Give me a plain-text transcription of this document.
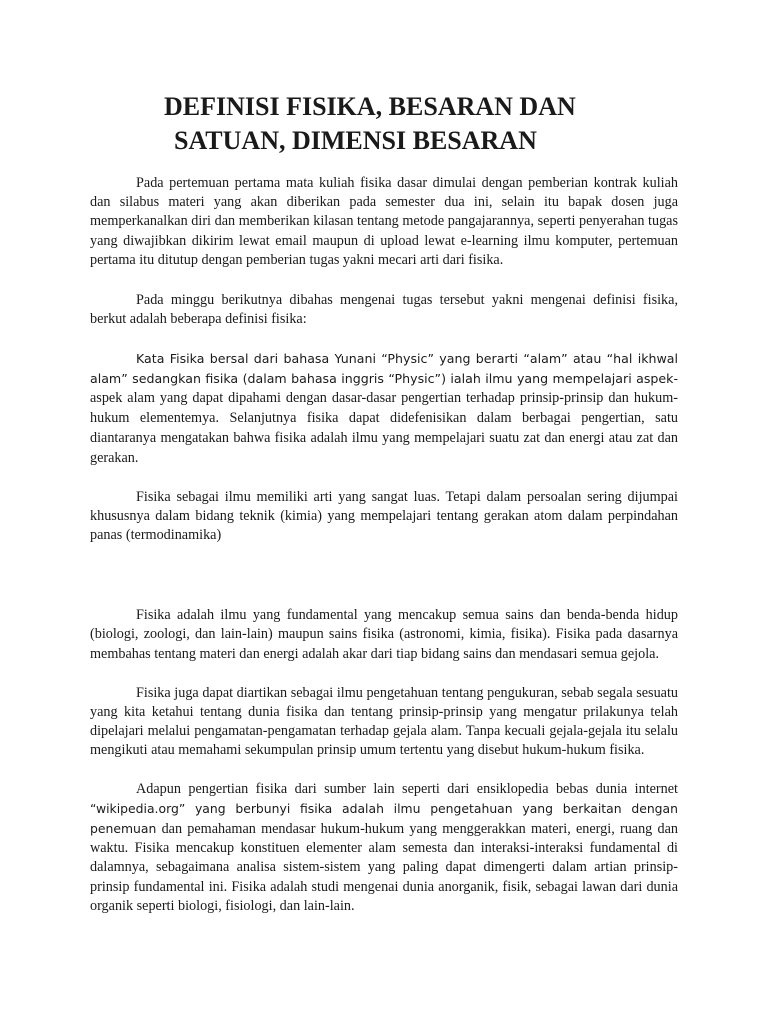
DEFINISI FISIKA, BESARAN DAN
SATUAN, DIMENSI BESARAN

Pada pertemuan pertama mata kuliah fisika dasar dimulai dengan pemberian kontrak kuliah dan silabus materi yang akan diberikan pada semester dua ini, selain itu bapak dosen juga memperkanalkan diri dan memberikan kilasan tentang metode pangajarannya, seperti penyerahan tugas yang diwajibkan dikirim lewat email maupun di upload lewat e-learning ilmu komputer, pertemuan pertama itu ditutup dengan pemberian tugas yakni mecari arti dari fisika.

Pada minggu berikutnya dibahas mengenai tugas tersebut yakni mengenai definisi fisika, berkut adalah beberapa definisi fisika:

Kata Fisika bersal dari bahasa Yunani “Physic” yang berarti “alam” atau “hal ikhwal alam” sedangkan fisika (dalam bahasa inggris “Physic”) ialah ilmu yang mempelajari aspek-aspek alam yang dapat dipahami dengan dasar-dasar pengertian terhadap prinsip-prinsip dan hukum-hukum elementemya. Selanjutnya fisika dapat didefenisikan dalam berbagai pengertian, satu diantaranya mengatakan bahwa fisika adalah ilmu yang mempelajari suatu zat dan energi atau zat dan gerakan.

Fisika sebagai ilmu memiliki arti yang sangat luas. Tetapi dalam persoalan sering dijumpai khususnya dalam bidang teknik (kimia) yang mempelajari tentang gerakan atom dalam perpindahan panas (termodinamika)

Fisika adalah ilmu yang fundamental yang mencakup semua sains dan benda-benda hidup (biologi, zoologi, dan lain-lain) maupun sains fisika (astronomi, kimia, fisika). Fisika pada dasarnya membahas tentang materi dan energi adalah akar dari tiap bidang sains dan mendasari semua gejola.

Fisika juga dapat diartikan sebagai ilmu pengetahuan tentang pengukuran, sebab segala sesuatu yang kita ketahui tentang dunia fisika dan tentang prinsip-prinsip yang mengatur prilakunya telah dipelajari melalui pengamatan-pengamatan terhadap gejala alam. Tanpa kecuali gejala-gejala itu selalu mengikuti atau memahami sekumpulan prinsip umum tertentu yang disebut hukum-hukum fisika.

Adapun pengertian fisika dari sumber lain seperti dari ensiklopedia bebas dunia internet “wikipedia.org” yang berbunyi fisika adalah ilmu pengetahuan yang berkaitan dengan penemuan dan pemahaman mendasar hukum-hukum yang menggerakkan materi, energi, ruang dan waktu. Fisika mencakup konstituen elementer alam semesta dan interaksi-interaksi fundamental di dalamnya, sebagaimana analisa sistem-sistem yang paling dapat dimengerti dalam artian prinsip-prinsip fundamental ini. Fisika adalah studi mengenai dunia anorganik, fisik, sebagai lawan dari dunia organik seperti biologi, fisiologi, dan lain-lain.
